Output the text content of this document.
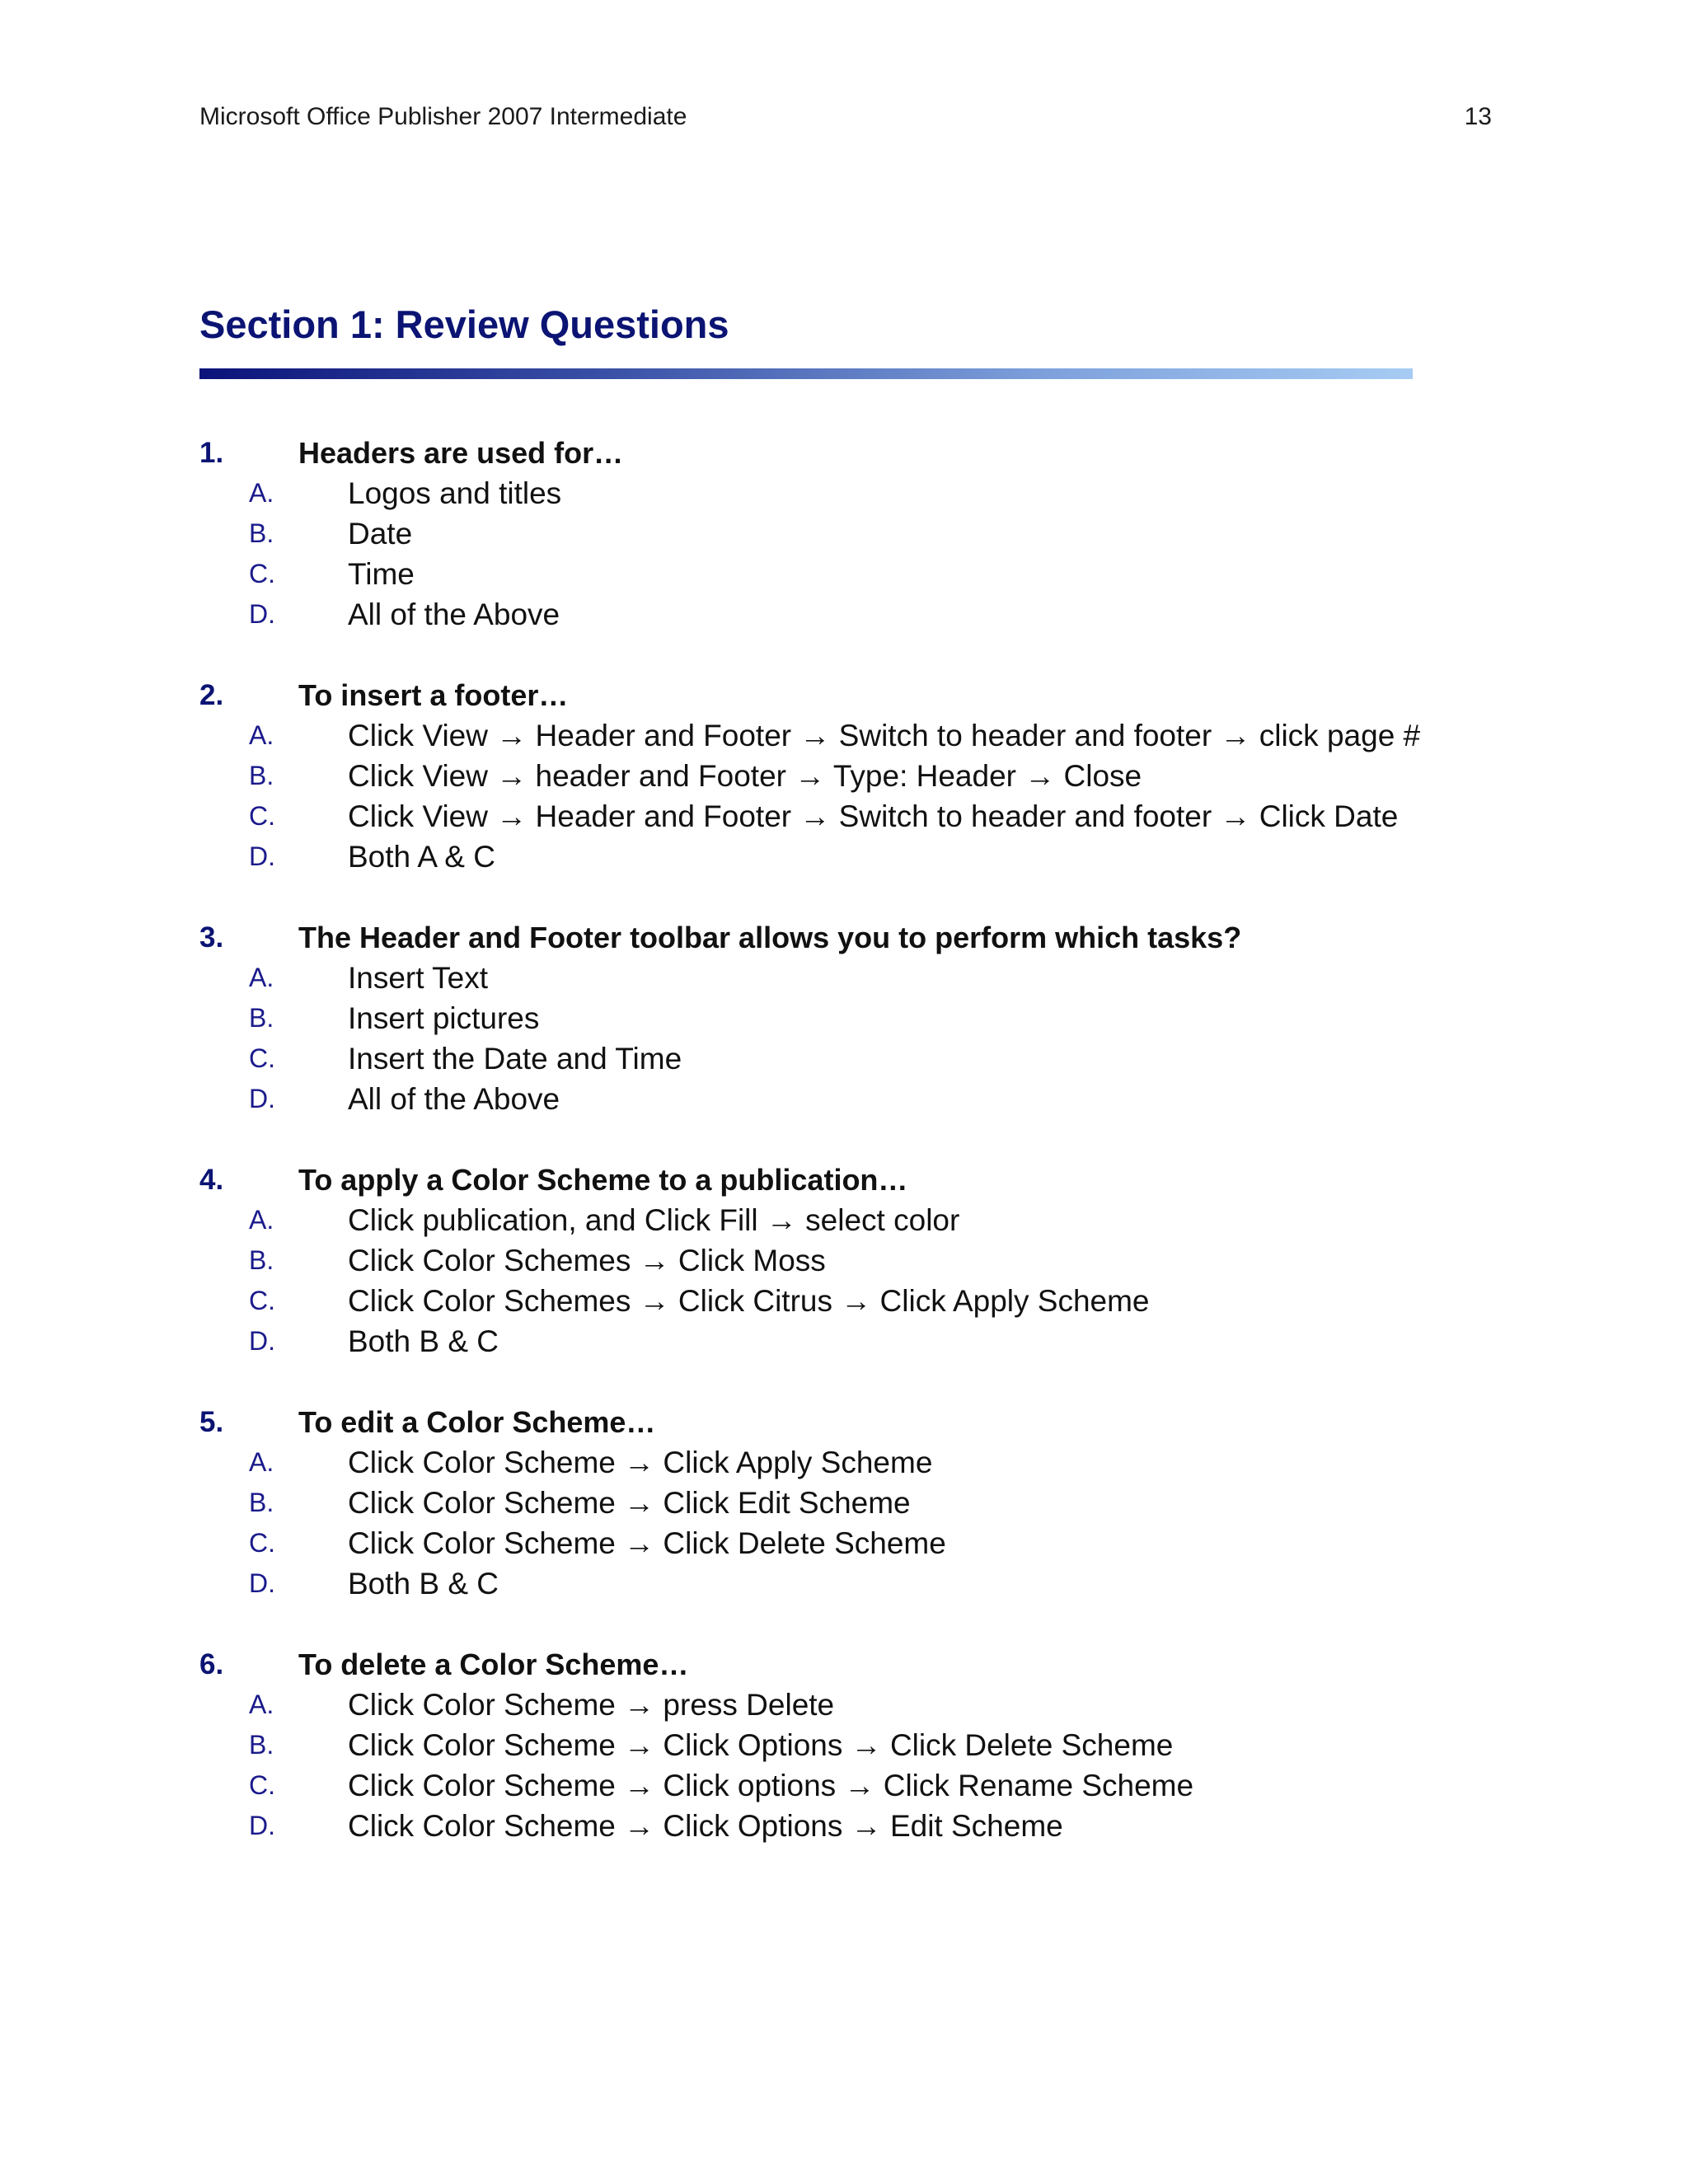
Microsoft Office Publisher 2007 Intermediate	13
Section 1: Review Questions
1.	Headers are used for…
A. Logos and titles
B. Date
C. Time
D. All of the Above
2.	To insert a footer…
A. Click View → Header and Footer → Switch to header and footer → click page #
B. Click View → header and Footer → Type: Header → Close
C. Click View → Header and Footer → Switch to header and footer → Click Date
D. Both A & C
3.	The Header and Footer toolbar allows you to perform which tasks?
A. Insert Text
B. Insert pictures
C. Insert the Date and Time
D. All of the Above
4.	To apply a Color Scheme to a publication…
A. Click publication, and Click Fill → select color
B. Click Color Schemes → Click Moss
C. Click Color Schemes → Click Citrus → Click Apply Scheme
D. Both B & C
5.	To edit a Color Scheme…
A. Click Color Scheme → Click Apply Scheme
B. Click Color Scheme → Click Edit Scheme
C. Click Color Scheme → Click Delete Scheme
D. Both B & C
6.	To delete a Color Scheme…
A. Click Color Scheme → press Delete
B. Click Color Scheme → Click Options → Click Delete Scheme
C. Click Color Scheme → Click options → Click Rename Scheme
D. Click Color Scheme → Click Options → Edit Scheme
